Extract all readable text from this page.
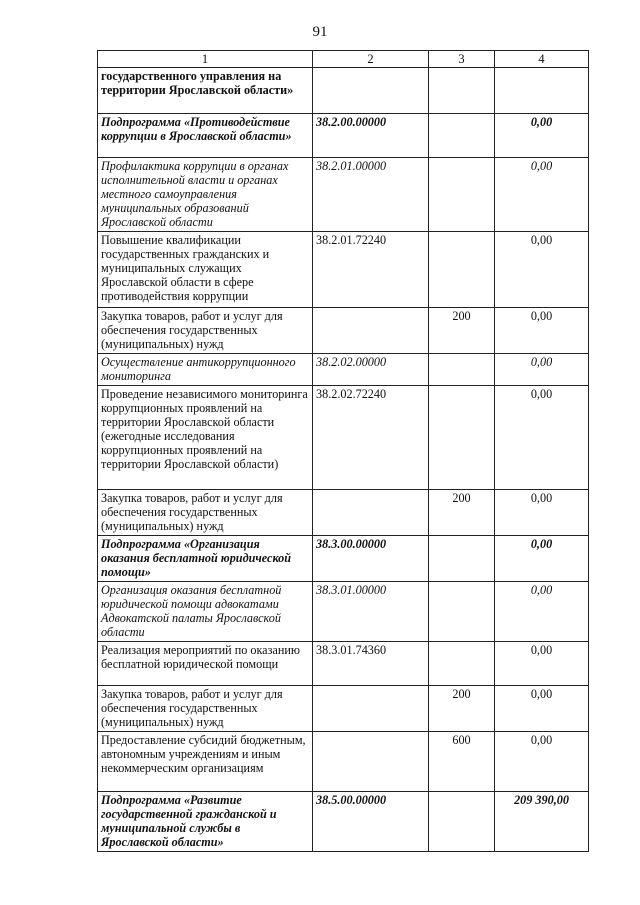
91
1	2	3	4
государственного управления на территории Ярославской области»			
Подпрограмма «Противодействие коррупции в Ярославской области»	38.2.00.00000		0,00
Профилактика коррупции в органах исполнительной власти и органах местного самоуправления муниципальных образований Ярославской области	38.2.01.00000		0,00
Повышение квалификации государственных гражданских и муниципальных служащих Ярославской области в сфере противодействия коррупции	38.2.01.72240		0,00
Закупка товаров, работ и услуг для обеспечения государственных (муниципальных) нужд		200	0,00
Осуществление антикоррупционного мониторинга	38.2.02.00000		0,00
Проведение независимого мониторинга коррупционных проявлений на территории Ярославской области (ежегодные исследования коррупционных проявлений на территории Ярославской области)	38.2.02.72240		0,00
Закупка товаров, работ и услуг для обеспечения государственных (муниципальных) нужд		200	0,00
Подпрограмма «Организация оказания бесплатной юридической помощи»	38.3.00.00000		0,00
Организация оказания бесплатной юридической помощи адвокатами Адвокатской палаты Ярославской области	38.3.01.00000		0,00
Реализация мероприятий по оказанию бесплатной юридической помощи	38.3.01.74360		0,00
Закупка товаров, работ и услуг для обеспечения государственных (муниципальных) нужд		200	0,00
Предоставление субсидий бюджетным, автономным учреждениям и иным некоммерческим организациям		600	0,00
Подпрограмма «Развитие государственной гражданской и муниципальной службы в Ярославской области»	38.5.00.00000		209 390,00
